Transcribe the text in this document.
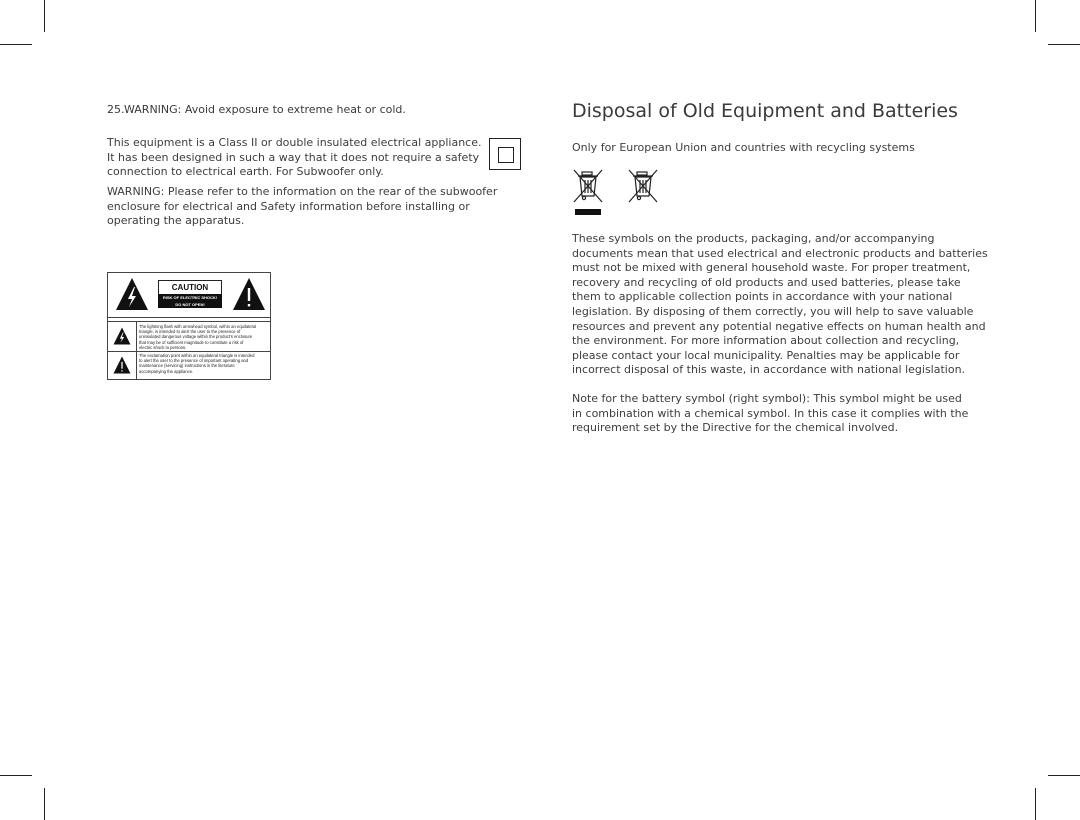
25. WARNING: Avoid exposure to extreme heat or cold.
This equipment is a Class II or double insulated electrical appliance.
It has been designed in such a way that it does not require a safety
connection to electrical earth. For Subwoofer only.
WARNING: Please refer to the information on the rear of the subwoofer
enclosure for electrical and Safety information before installing or
operating the apparatus.
CAUTION
RISK OF ELECTRIC SHOCK!
DO NOT OPEN!
The lightning flash with arrowhead symbol, within an equilateral
triangle, is intended to alert the user to the presence of
uninsulated dangerous voltage within the product's enclosure
that may be of sufficient magnitude to constitute a risk of
electric shock to persons.
The exclamation point within an equilateral triangle is intended
to alert the user to the presence of important operating and
maintenance (servicing) instructions in the literature
accompanying the appliance.
Disposal of Old Equipment and Batteries
Only for European Union and countries with recycling systems
These symbols on the products, packaging, and/or accompanying
documents mean that used electrical and electronic products and batteries
must not be mixed with general household waste. For proper treatment,
recovery and recycling of old products and used batteries, please take
them to applicable collection points in accordance with your national
legislation. By disposing of them correctly, you will help to save valuable
resources and prevent any potential negative effects on human health and
the environment. For more information about collection and recycling,
please contact your local municipality. Penalties may be applicable for
incorrect disposal of this waste, in accordance with national legislation.
Note for the battery symbol (right symbol): This symbol might be used
in combination with a chemical symbol. In this case it complies with the
requirement set by the Directive for the chemical involved.
